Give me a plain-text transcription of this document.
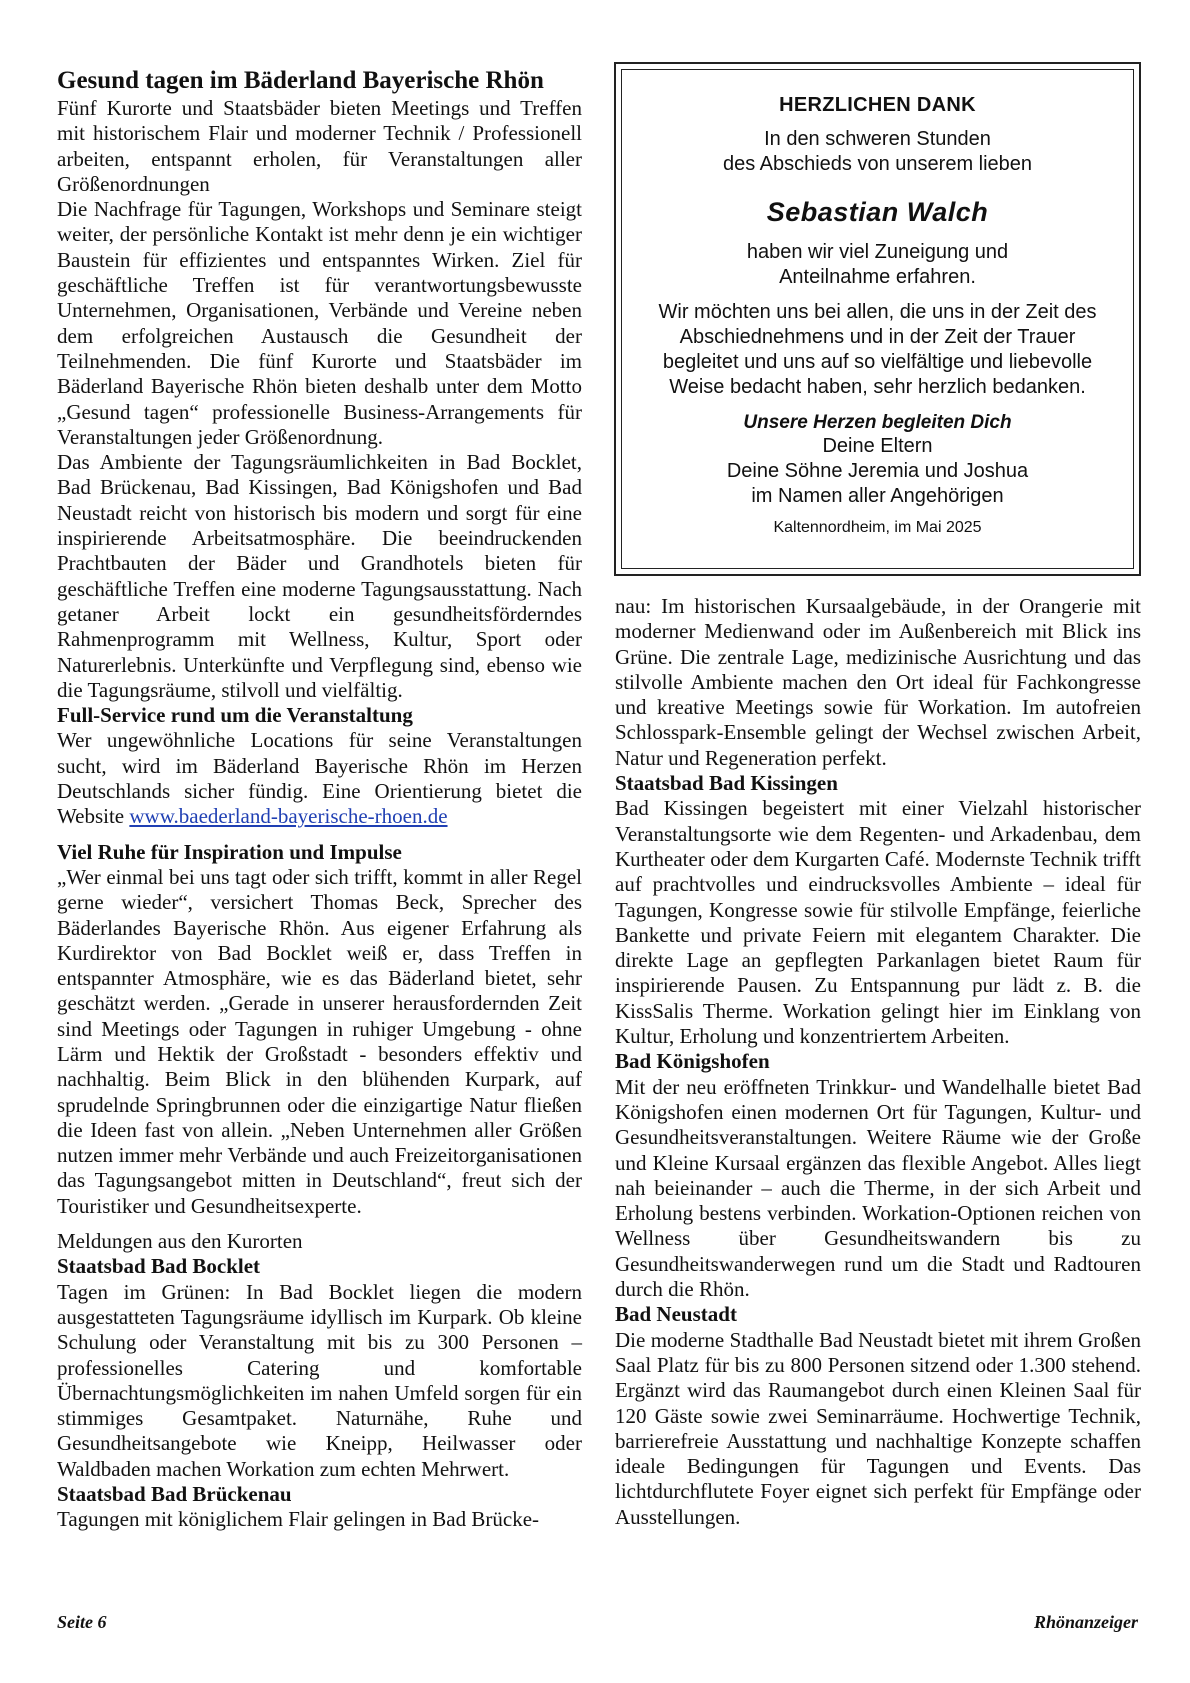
Gesund tagen im Bäderland Bayerische Rhön

Fünf Kurorte und Staatsbäder bieten Meetings und Treffen mit historischem Flair und moderner Technik / Professionell arbeiten, entspannt erholen, für Veranstaltungen aller Größenordnungen

Die Nachfrage für Tagungen, Workshops und Seminare steigt weiter, der persönliche Kontakt ist mehr denn je ein wichtiger Baustein für effizientes und entspanntes Wirken. Ziel für geschäftliche Treffen ist für verantwortungsbewusste Unternehmen, Organisationen, Verbände und Vereine neben dem erfolgreichen Austausch die Gesundheit der Teilnehmenden. Die fünf Kurorte und Staatsbäder im Bäderland Bayerische Rhön bieten deshalb unter dem Motto „Gesund tagen“ professionelle Business-Arrangements für Veranstaltungen jeder Größenordnung.

Das Ambiente der Tagungsräumlichkeiten in Bad Bocklet, Bad Brückenau, Bad Kissingen, Bad Königshofen und Bad Neustadt reicht von historisch bis modern und sorgt für eine inspirierende Arbeitsatmosphäre. Die beeindruckenden Prachtbauten der Bäder und Grandhotels bieten für geschäftliche Treffen eine moderne Tagungsausstattung. Nach getaner Arbeit lockt ein gesundheitsförderndes Rahmenprogramm mit Wellness, Kultur, Sport oder Naturerlebnis. Unterkünfte und Verpflegung sind, ebenso wie die Tagungsräume, stilvoll und vielfältig.

Full-Service rund um die Veranstaltung

Wer ungewöhnliche Locations für seine Veranstaltungen sucht, wird im Bäderland Bayerische Rhön im Herzen Deutschlands sicher fündig. Eine Orientierung bietet die Website www.baederland-bayerische-rhoen.de

Viel Ruhe für Inspiration und Impulse

„Wer einmal bei uns tagt oder sich trifft, kommt in aller Regel gerne wieder“, versichert Thomas Beck, Sprecher des Bäderlandes Bayerische Rhön. Aus eigener Erfahrung als Kurdirektor von Bad Bocklet weiß er, dass Treffen in entspannter Atmosphäre, wie es das Bäderland bietet, sehr geschätzt werden. „Gerade in unserer herausfordernden Zeit sind Meetings oder Tagungen in ruhiger Umgebung - ohne Lärm und Hektik der Großstadt - besonders effektiv und nachhaltig. Beim Blick in den blühenden Kurpark, auf sprudelnde Springbrunnen oder die einzigartige Natur fließen die Ideen fast von allein. „Neben Unternehmen aller Größen nutzen immer mehr Verbände und auch Freizeitorganisationen das Tagungsangebot mitten in Deutschland“, freut sich der Touristiker und Gesundheitsexperte.

Meldungen aus den Kurorten

Staatsbad Bad Bocklet

Tagen im Grünen: In Bad Bocklet liegen die modern ausgestatteten Tagungsräume idyllisch im Kurpark. Ob kleine Schulung oder Veranstaltung mit bis zu 300 Personen – professionelles Catering und komfortable Übernachtungsmöglichkeiten im nahen Umfeld sorgen für ein stimmiges Gesamtpaket. Naturnähe, Ruhe und Gesundheitsangebote wie Kneipp, Heilwasser oder Waldbaden machen Workation zum echten Mehrwert.

Staatsbad Bad Brückenau

Tagungen mit königlichem Flair gelingen in Bad Brücke-

HERZLICHEN DANK

In den schweren Stunden

des Abschieds von unserem lieben

Sebastian Walch

haben wir viel Zuneigung und

Anteilnahme erfahren.

Wir möchten uns bei allen, die uns in der Zeit des

Abschiednehmens und in der Zeit der Trauer

begleitet und uns auf so vielfältige und liebevolle

Weise bedacht haben, sehr herzlich bedanken.

Unsere Herzen begleiten Dich

Deine Eltern

Deine Söhne Jeremia und Joshua

im Namen aller Angehörigen

Kaltennordheim, im Mai 2025

nau: Im historischen Kursaalgebäude, in der Orangerie mit moderner Medienwand oder im Außenbereich mit Blick ins Grüne. Die zentrale Lage, medizinische Ausrichtung und das stilvolle Ambiente machen den Ort ideal für Fachkongresse und kreative Meetings sowie für Workation. Im autofreien Schlosspark-Ensemble gelingt der Wechsel zwischen Arbeit, Natur und Regeneration perfekt.

Staatsbad Bad Kissingen

Bad Kissingen begeistert mit einer Vielzahl historischer Veranstaltungsorte wie dem Regenten- und Arkadenbau, dem Kurtheater oder dem Kurgarten Café. Modernste Technik trifft auf prachtvolles und eindrucksvolles Ambiente – ideal für Tagungen, Kongresse sowie für stilvolle Empfänge, feierliche Bankette und private Feiern mit elegantem Charakter. Die direkte Lage an gepflegten Parkanlagen bietet Raum für inspirierende Pausen. Zu Entspannung pur lädt z. B. die KissSalis Therme. Workation gelingt hier im Einklang von Kultur, Erholung und konzentriertem Arbeiten.

Bad Königshofen

Mit der neu eröffneten Trinkkur- und Wandelhalle bietet Bad Königshofen einen modernen Ort für Tagungen, Kultur- und Gesundheitsveranstaltungen. Weitere Räume wie der Große und Kleine Kursaal ergänzen das flexible Angebot. Alles liegt nah beieinander – auch die Therme, in der sich Arbeit und Erholung bestens verbinden. Workation-Optionen reichen von Wellness über Gesundheitswandern bis zu Gesundheitswanderwegen rund um die Stadt und Radtouren durch die Rhön.

Bad Neustadt

Die moderne Stadthalle Bad Neustadt bietet mit ihrem Großen Saal Platz für bis zu 800 Personen sitzend oder 1.300 stehend. Ergänzt wird das Raumangebot durch einen Kleinen Saal für 120 Gäste sowie zwei Seminarräume. Hochwertige Technik, barrierefreie Ausstattung und nachhaltige Konzepte schaffen ideale Bedingungen für Tagungen und Events. Das lichtdurchflutete Foyer eignet sich perfekt für Empfänge oder Ausstellungen.

Seite 6	Rhönanzeiger
